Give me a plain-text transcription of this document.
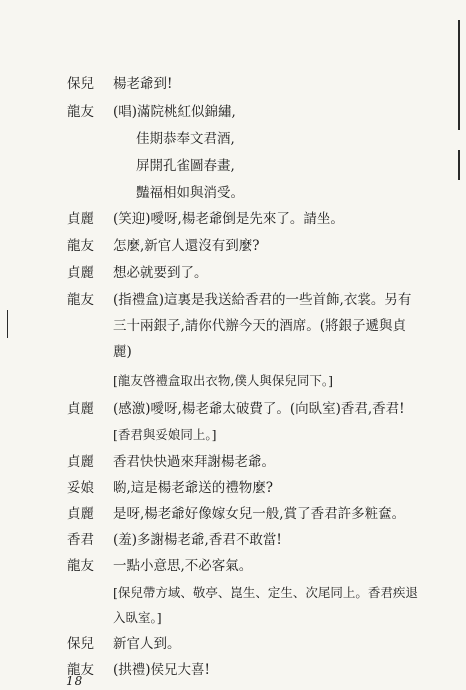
保兒 楊老爺到!
龍友 (唱)滿院桃紅似錦繡,
佳期恭奉文君酒,
屏開孔雀圖春畫,
豔福相如與消受。
貞麗 (笑迎)噯呀,楊老爺倒是先來了。請坐。
龍友 怎麼,新官人還沒有到麼?
貞麗 想必就要到了。
龍友 (指禮盒)這裏是我送給香君的一些首飾,衣裳。另有
三十兩銀子,請你代辦今天的酒席。(將銀子遞與貞
麗)
[龍友啓禮盒取出衣物,僕人與保兒同下。]
貞麗 (感激)噯呀,楊老爺太破費了。(向臥室)香君,香君!
[香君與妥娘同上。]
貞麗 香君快快過來拜謝楊老爺。
妥娘 喲,這是楊老爺送的禮物麼?
貞麗 是呀,楊老爺好像嫁女兒一般,賞了香君許多粧奩。
香君 (羞)多謝楊老爺,香君不敢當!
龍友 一點小意思,不必客氣。
[保兒帶方域、敬亭、崑生、定生、次尾同上。香君疾退
入臥室。]
保兒 新官人到。
龍友 (拱禮)侯兄大喜!
18
